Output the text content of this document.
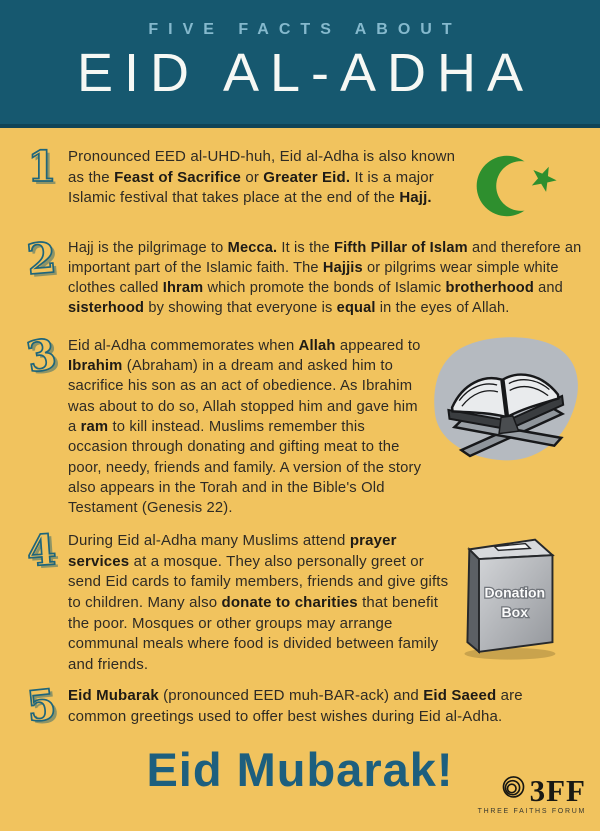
FIVE FACTS ABOUT
EID AL-ADHA
1 Pronounced EED al-UHD-huh, Eid al-Adha is also known as the Feast of Sacrifice or Greater Eid. It is a major Islamic festival that takes place at the end of the Hajj.

2 Hajj is the pilgrimage to Mecca. It is the Fifth Pillar of Islam and therefore an important part of the Islamic faith. The Hajjis or pilgrims wear simple white clothes called Ihram which promote the bonds of Islamic brotherhood and sisterhood by showing that everyone is equal in the eyes of Allah.

3 Eid al-Adha commemorates when Allah appeared to Ibrahim (Abraham) in a dream and asked him to sacrifice his son as an act of obedience. As Ibrahim was about to do so, Allah stopped him and gave him a ram to kill instead. Muslims remember this occasion through donating and gifting meat to the poor, needy, friends and family. A version of the story also appears in the Torah and in the Bible's Old Testament (Genesis 22).

4 During Eid al-Adha many Muslims attend prayer services at a mosque. They also personally greet or send Eid cards to family members, friends and give gifts to children. Many also donate to charities that benefit the poor. Mosques or other groups may arrange communal meals where food is divided between family and friends.

Donation
Box
5 Eid Mubarak (pronounced EED muh-BAR-ack) and Eid Saeed are common greetings used to offer best wishes during Eid al-Adha.

Eid Mubarak!	3FF
THREE FAITHS FORUM
